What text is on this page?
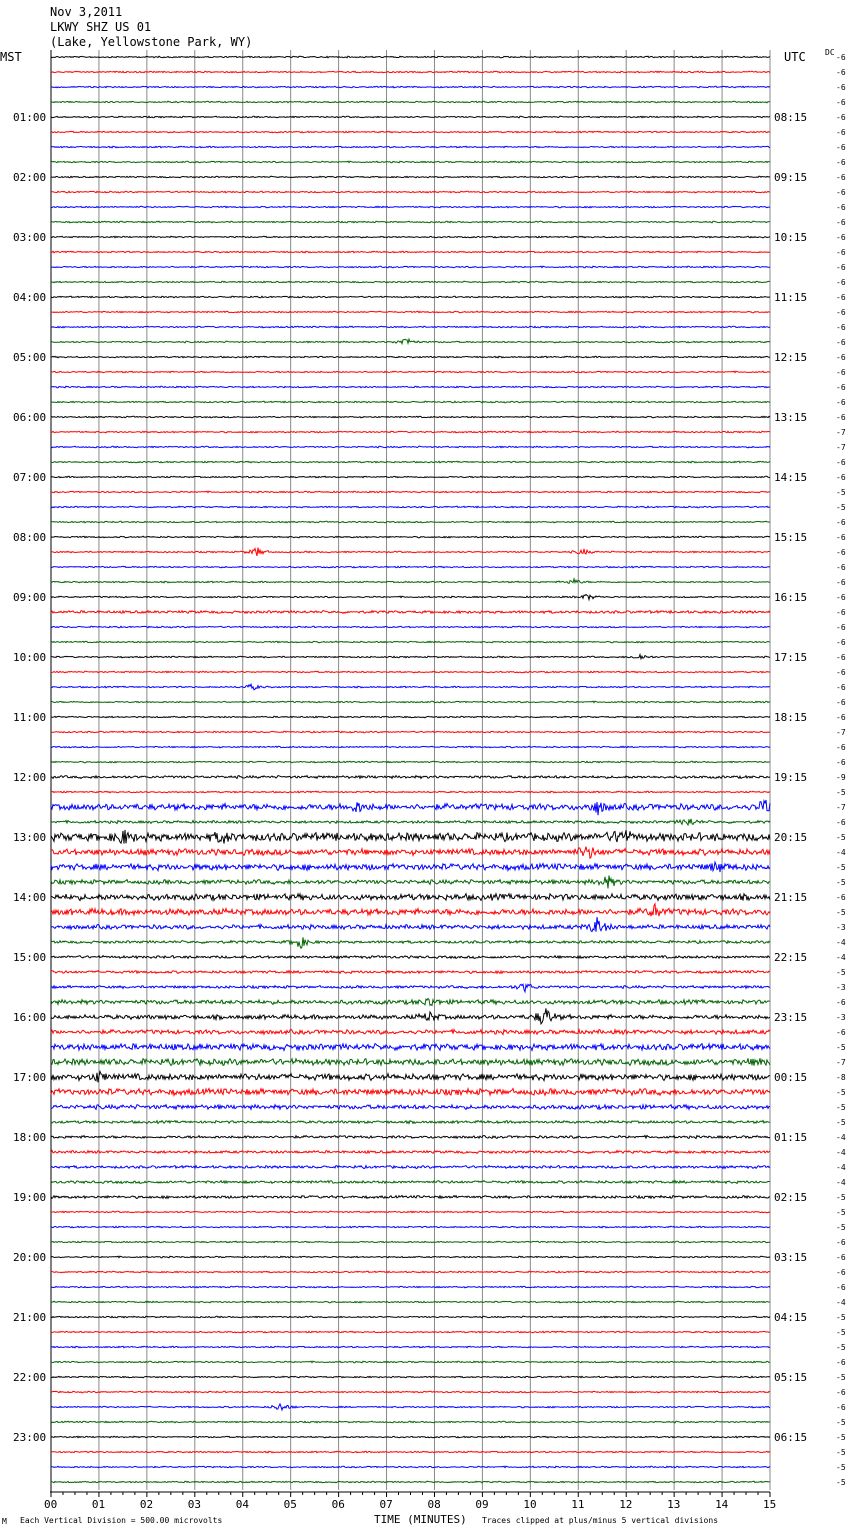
Nov 3,2011
LKWY SHZ US 01
(Lake, Yellowstone Park, WY)
MST	UTC DC
01:00
02:00
03:00
04:00
05:00
06:00
07:00
08:00
09:00
10:00
11:00
12:00
13:00
14:00
15:00
16:00
17:00
18:00
19:00
20:00
21:00
22:00
23:00
08:15
09:15
10:15
11:15
12:15
13:15
14:15
15:15
16:15
17:15
18:15
19:15
20:15
21:15
22:15
23:15
00:15
01:15
02:15
03:15
04:15
05:15
06:15
-6
-6
-6
-6
-6
-6
-6
-6
-6
-6
-6
-6
-6
-6
-6
-6
-6
-6
-6
-6
-6
-6
-6
-6
-6
-7
-7
-6
-6
-5
-5
-6
-6
-6
-6
-6
-6
-6
-6
-6
-6
-6
-6
-6
-6
-7
-6
-6
-9
-5
-7
-6
-5
-4
-5
-5
-6
-5
-3
-4
-4
-5
-3
-6
-3
-6
-5
-7
-8
-5
-5
-5
-4
-4
-4
-4
-5
-5
-5
-6
-6
-6
-6
-4
-5
-5
-5
-6
-5
-6
-6
-5
-5
-5
-5
-5
00	01	02	03	04	05	06	07	08	09	10	11	12	13	14	15
M Each Vertical Division = 500.00 microvolts	TIME (MINUTES) Traces clipped at plus/minus 5 vertical divisions
